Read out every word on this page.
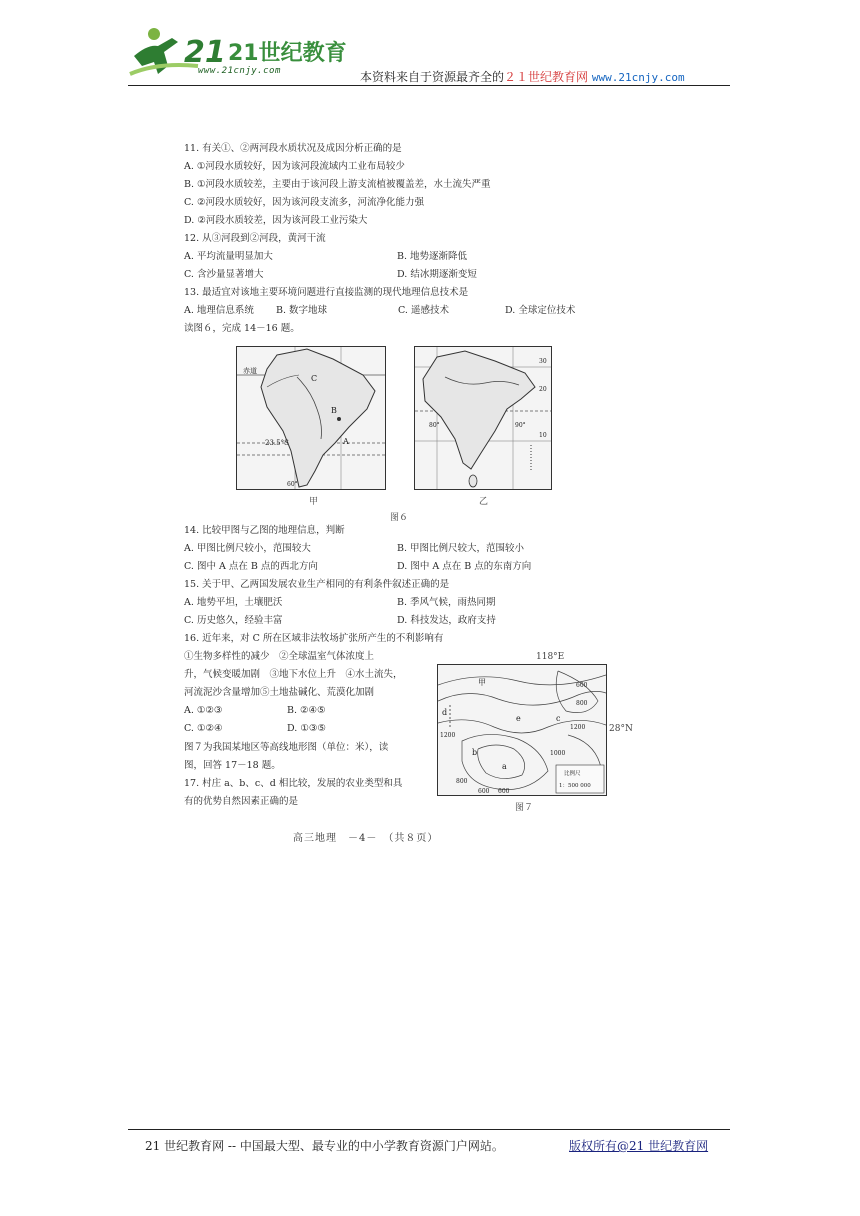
21 21世纪教育
www.21cnjy.com	本资料来自于资源最齐全的２１世纪教育网 www.21cnjy.com
11. 有关①、②两河段水质状况及成因分析正确的是
A. ①河段水质较好，因为该河段流域内工业布局较少
B. ①河段水质较差，主要由于该河段上游支流植被覆盖差，水土流失严重
C. ②河段水质较好，因为该河段支流多，河流净化能力强
D. ②河段水质较差，因为该河段工业污染大
12. 从③河段到②河段，黄河干流
A. 平均流量明显加大	B. 地势逐渐降低
C. 含沙量显著增大	D. 结冰期逐渐变短
13. 最适宜对该地主要环境问题进行直接监测的现代地理信息技术是
A. 地理信息系统 B. 数字地球	C. 遥感技术	D. 全球定位技术
读图６，完成 14－16 题。
赤道
C
B
A
23.5°S
60°
甲
30
20
10
80°	90°
乙
图６
14. 比较甲图与乙图的地理信息，判断
A. 甲图比例尺较小，范围较大	B. 甲图比例尺较大，范围较小
C. 图中 A 点在 B 点的西北方向	D. 图中 A 点在 B 点的东南方向
15. 关于甲、乙两国发展农业生产相同的有利条件叙述正确的是
A. 地势平坦，土壤肥沃	B. 季风气候，雨热同期
C. 历史悠久，经验丰富	D. 科技发达，政府支持
16. 近年来，对 C 所在区域非法牧场扩张所产生的不利影响有
①生物多样性的减少　②全球温室气体浓度上
升，气候变暖加剧　③地下水位上升　④水土流失，
河流泥沙含量增加⑤土地盐碱化、荒漠化加剧
A. ①②③	B. ②④⑤
C. ①②④	D. ①③⑤
图７为我国某地区等高线地形图（单位：米），读
图，回答 17－18 题。
17. 村庄 a、b、c、d 相比较，发展的农业类型和具
有的优势自然因素正确的是
118°E
600
800
1200
1000
1200
800
600 600
甲
d
e	c
b
a
比例尺
1：500 000
28°N
图７
高三地理　－4－　（共８页）
21 世纪教育网 -- 中国最大型、最专业的中小学教育资源门户网站。	版权所有@21 世纪教育网
